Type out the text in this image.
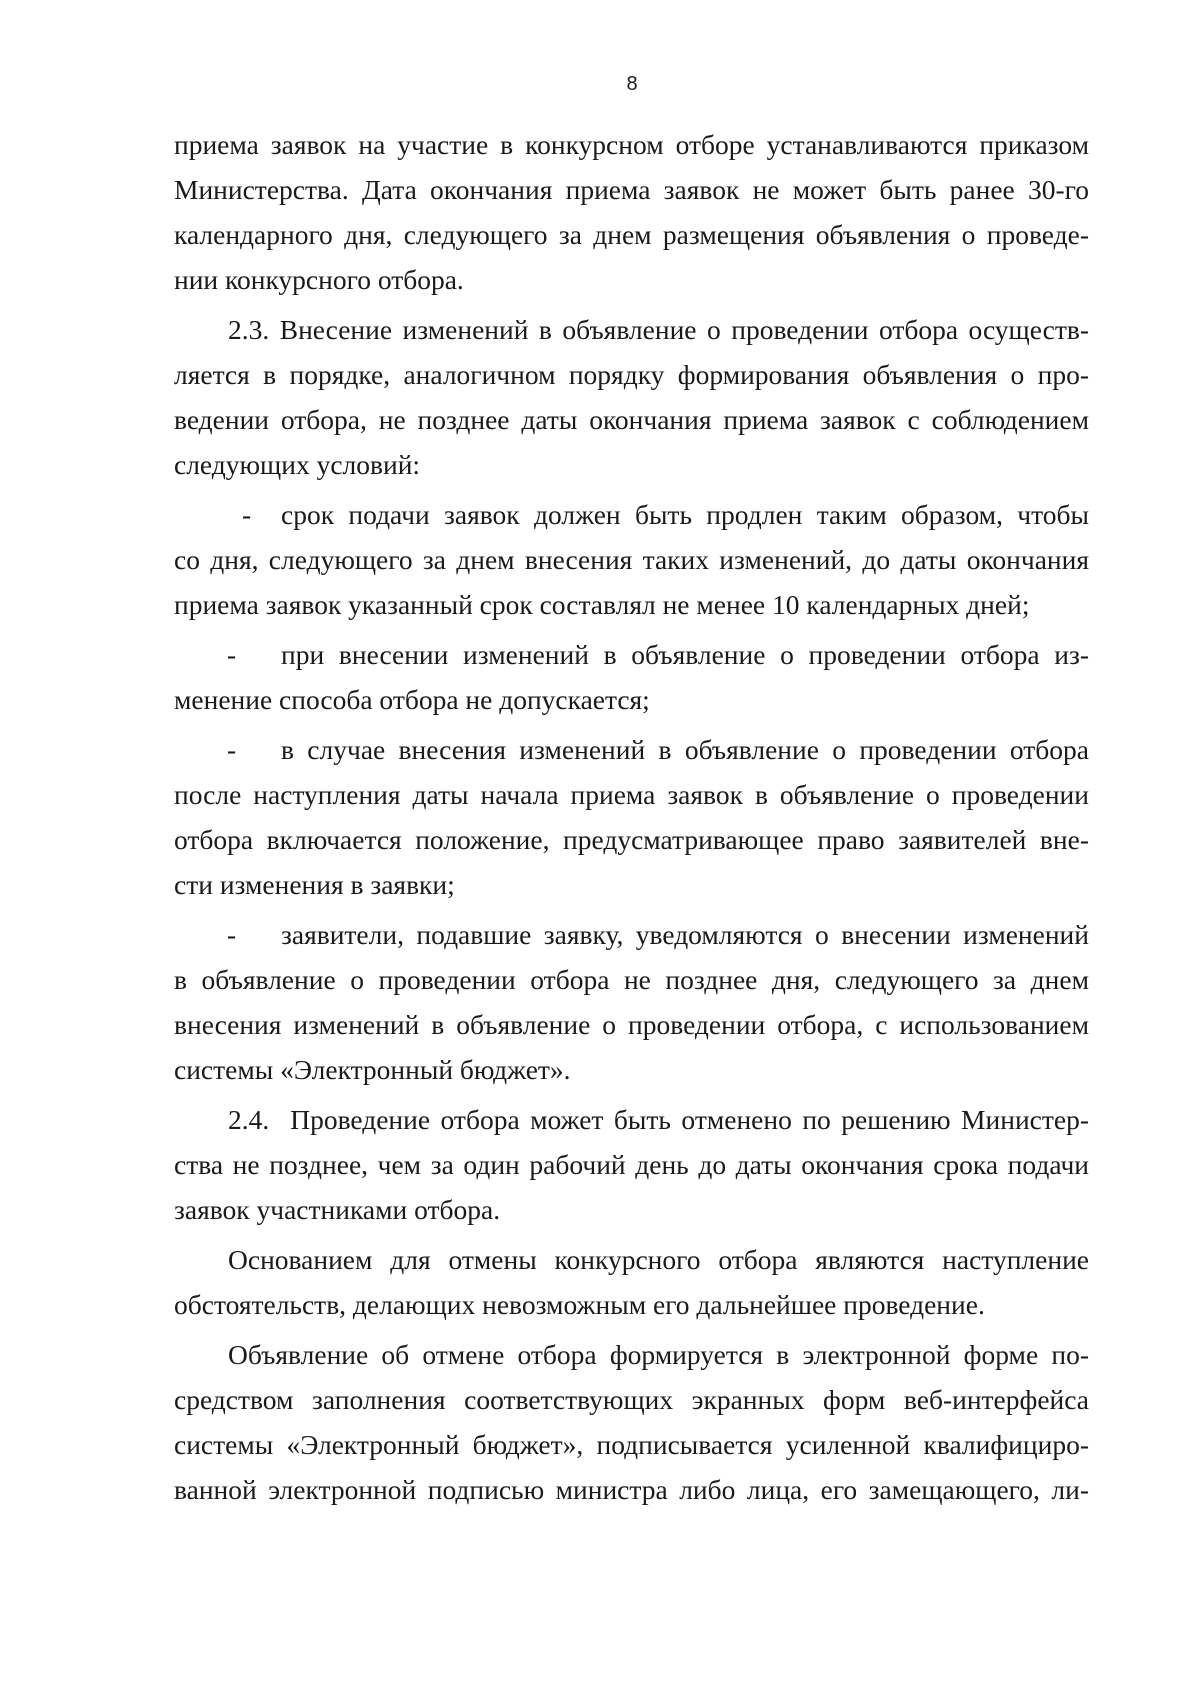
8
приема заявок на участие в конкурсном отборе устанавливаются приказом
Министерства. Дата окончания приема заявок не может быть ранее 30-го
календарного дня, следующего за днем размещения объявления о проведе-
нии конкурсного отбора.
2.3. Внесение изменений в объявление о проведении отбора осуществ-
ляется в порядке, аналогичном порядку формирования объявления о про-
ведении отбора, не позднее даты окончания приема заявок с соблюдением
следующих условий:
-	срок подачи заявок должен быть продлен таким образом, чтобы
со дня, следующего за днем внесения таких изменений, до даты окончания
приема заявок указанный срок составлял не менее 10 календарных дней;
-	при внесении изменений в объявление о проведении отбора из-
менение способа отбора не допускается;
-	в случае внесения изменений в объявление о проведении отбора
после наступления даты начала приема заявок в объявление о проведении
отбора включается положение, предусматривающее право заявителей вне-
сти изменения в заявки;
-	заявители, подавшие заявку, уведомляются о внесении изменений
в объявление о проведении отбора не позднее дня, следующего за днем
внесения изменений в объявление о проведении отбора, с использованием
системы «Электронный бюджет».
2.4.  Проведение отбора может быть отменено по решению Министер-
ства не позднее, чем за один рабочий день до даты окончания срока подачи
заявок участниками отбора.
Основанием для отмены конкурсного отбора являются наступление
обстоятельств, делающих невозможным его дальнейшее проведение.
Объявление об отмене отбора формируется в электронной форме по-
средством заполнения соответствующих экранных форм веб-интерфейса
системы «Электронный бюджет», подписывается усиленной квалифициро-
ванной электронной подписью министра либо лица, его замещающего, ли-
